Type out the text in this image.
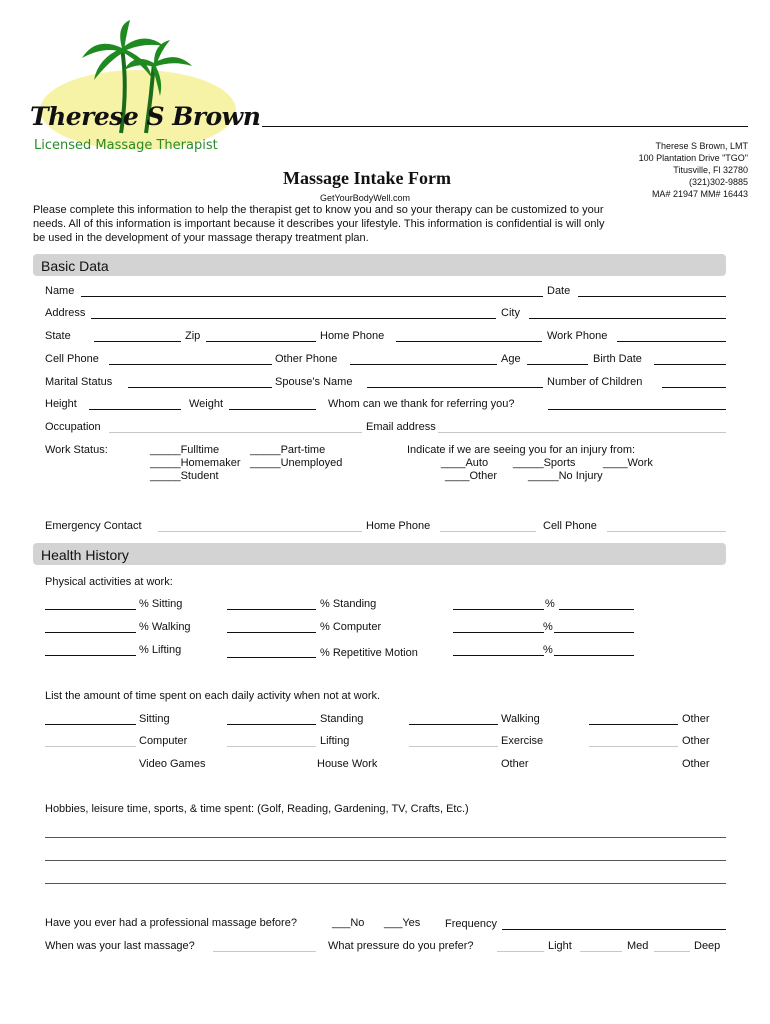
Therese S Brown
Licensed Massage Therapist	Therese S Brown, LMT
100 Plantation Drive "TGO"
Titusville, Fl 32780
(321)302-9885
MA# 21947 MM# 16443
Massage Intake Form
GetYourBodyWell.com
Please complete this information to help the therapist get to know you and so your therapy can be customized to your needs. All of this information is important because it describes your lifestyle. This information is confidential is will only be used in the development of your massage therapy treatment plan.
Basic Data
Name	Date
Address	City
State	Zip	Home Phone	Work Phone
Cell Phone	Other Phone	Age	Birth Date
Marital Status	Spouse’s Name	Number of Children
Height	Weight	Whom can we thank for referring you?
Occupation	Email address
Work Status:	_____Fulltime	_____Part-time
_____Homemaker _____Unemployed
_____Student
Indicate if we are seeing you for an injury from:
____Auto _____Sports	____Work
____Other	_____No Injury
Emergency Contact	Home Phone	Cell Phone
Health History
Physical activities at work:
% Sitting	% Standing	%
% Walking	% Computer	%
% Lifting	% Repetitive Motion	%
List the amount of time spent on each daily activity when not at work.
Sitting	Standing	Walking	Other
Computer	Lifting	Exercise	Other
Video Games	House Work	Other	Other
Hobbies, leisure time, sports, & time spent: (Golf, Reading, Gardening, TV, Crafts, Etc.)
Have you ever had a professional massage before?	___No ___Yes Frequency
When was your last massage?	What pressure do you prefer?	Light	Med	Deep
